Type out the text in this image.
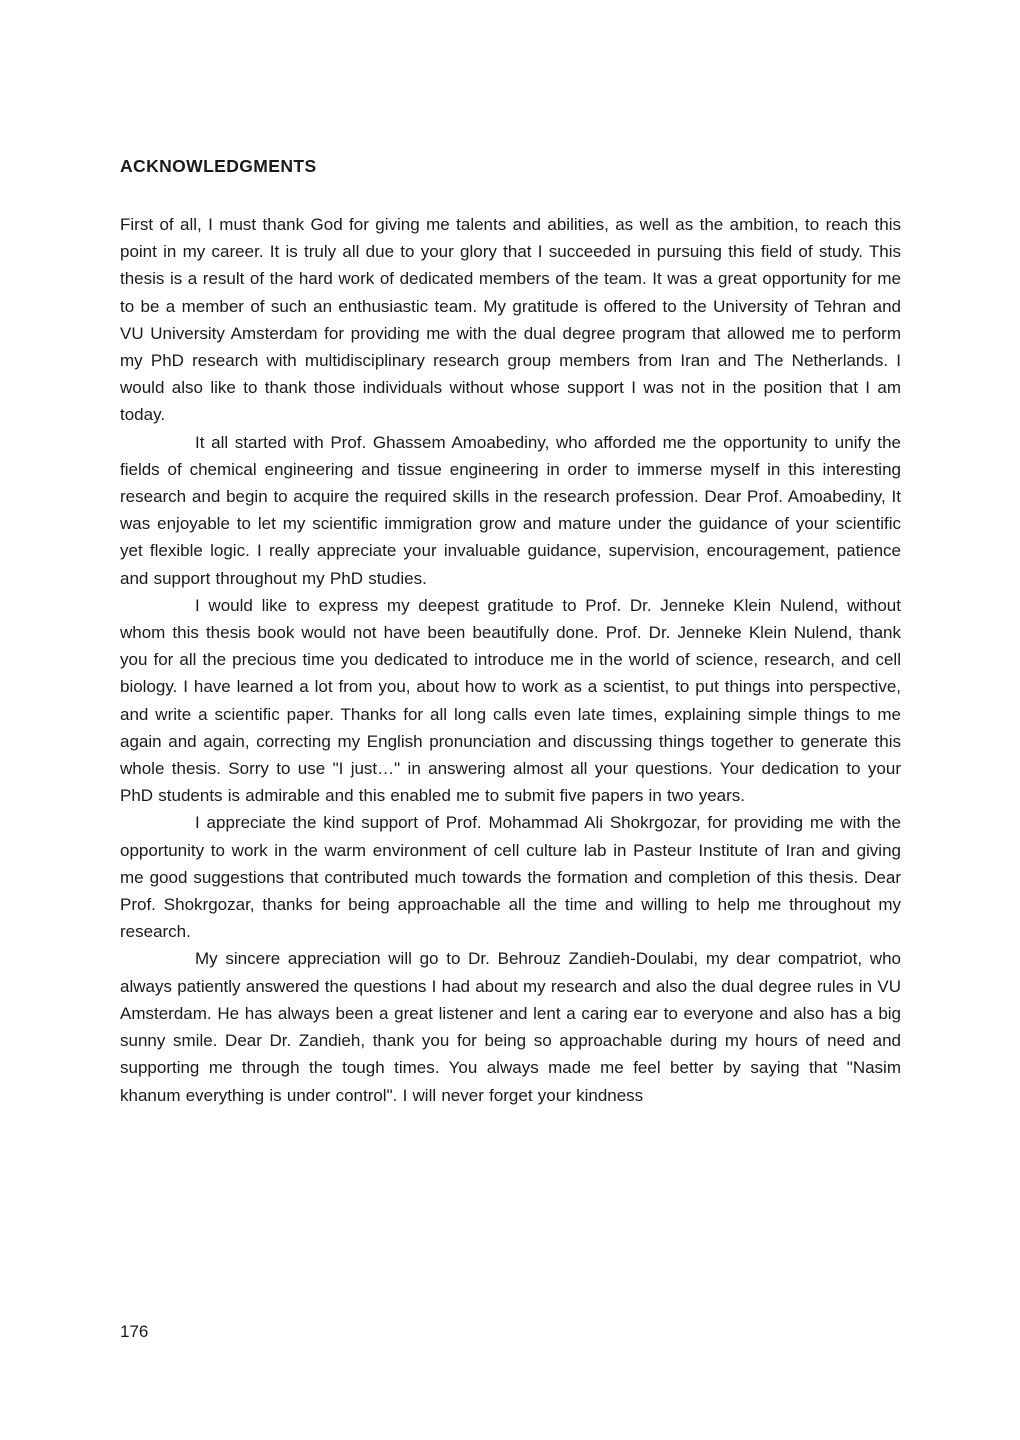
ACKNOWLEDGMENTS

First of all, I must thank God for giving me talents and abilities, as well as the ambition, to reach this point in my career. It is truly all due to your glory that I succeeded in pursuing this field of study. This thesis is a result of the hard work of dedicated members of the team. It was a great opportunity for me to be a member of such an enthusiastic team. My gratitude is offered to the University of Tehran and VU University Amsterdam for providing me with the dual degree program that allowed me to perform my PhD research with multidisciplinary research group members from Iran and The Netherlands. I would also like to thank those individuals without whose support I was not in the position that I am today.

It all started with Prof. Ghassem Amoabediny, who afforded me the opportunity to unify the fields of chemical engineering and tissue engineering in order to immerse myself in this interesting research and begin to acquire the required skills in the research profession. Dear Prof. Amoabediny, It was enjoyable to let my scientific immigration grow and mature under the guidance of your scientific yet flexible logic. I really appreciate your invaluable guidance, supervision, encouragement, patience and support throughout my PhD studies.

I would like to express my deepest gratitude to Prof. Dr. Jenneke Klein Nulend, without whom this thesis book would not have been beautifully done. Prof. Dr. Jenneke Klein Nulend, thank you for all the precious time you dedicated to introduce me in the world of science, research, and cell biology. I have learned a lot from you, about how to work as a scientist, to put things into perspective, and write a scientific paper. Thanks for all long calls even late times, explaining simple things to me again and again, correcting my English pronunciation and discussing things together to generate this whole thesis. Sorry to use "I just…" in answering almost all your questions. Your dedication to your PhD students is admirable and this enabled me to submit five papers in two years.

I appreciate the kind support of Prof. Mohammad Ali Shokrgozar, for providing me with the opportunity to work in the warm environment of cell culture lab in Pasteur Institute of Iran and giving me good suggestions that contributed much towards the formation and completion of this thesis. Dear Prof. Shokrgozar, thanks for being approachable all the time and willing to help me throughout my research.

My sincere appreciation will go to Dr. Behrouz Zandieh-Doulabi, my dear compatriot, who always patiently answered the questions I had about my research and also the dual degree rules in VU Amsterdam. He has always been a great listener and lent a caring ear to everyone and also has a big sunny smile. Dear Dr. Zandieh, thank you for being so approachable during my hours of need and supporting me through the tough times. You always made me feel better by saying that "Nasim khanum everything is under control". I will never forget your kindness

176
